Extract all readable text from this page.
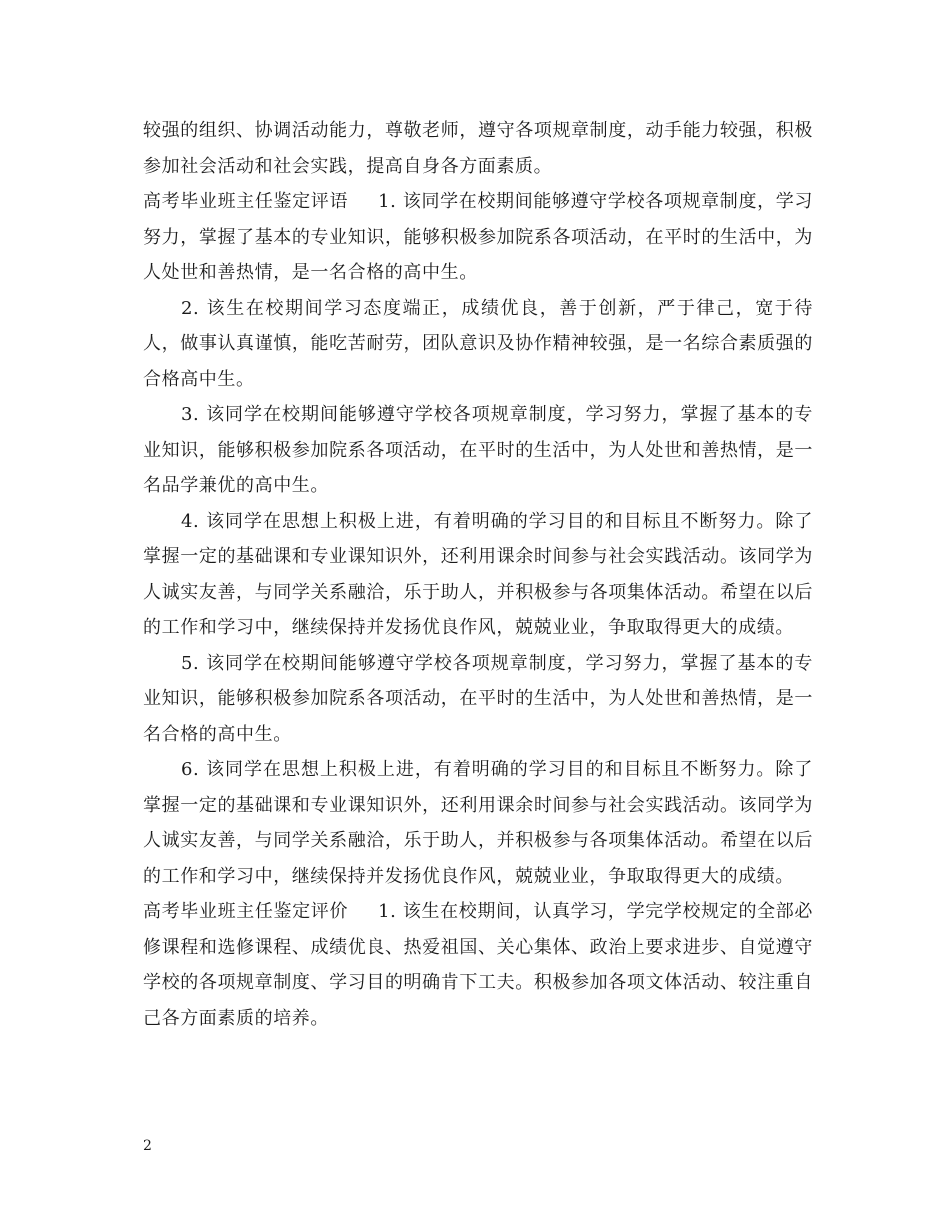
较强的组织、协调活动能力，尊敬老师，遵守各项规章制度，动手能力较强，积极参加社会活动和社会实践，提高自身各方面素质。

高考毕业班主任鉴定评语 1. 该同学在校期间能够遵守学校各项规章制度，学习努力，掌握了基本的专业知识，能够积极参加院系各项活动，在平时的生活中，为人处世和善热情，是一名合格的高中生。

2. 该生在校期间学习态度端正，成绩优良，善于创新，严于律己，宽于待人，做事认真谨慎，能吃苦耐劳，团队意识及协作精神较强，是一名综合素质强的合格高中生。

3. 该同学在校期间能够遵守学校各项规章制度，学习努力，掌握了基本的专业知识，能够积极参加院系各项活动，在平时的生活中，为人处世和善热情，是一名品学兼优的高中生。

4. 该同学在思想上积极上进，有着明确的学习目的和目标且不断努力。除了掌握一定的基础课和专业课知识外，还利用课余时间参与社会实践活动。该同学为人诚实友善，与同学关系融洽，乐于助人，并积极参与各项集体活动。希望在以后的工作和学习中，继续保持并发扬优良作风，兢兢业业，争取取得更大的成绩。

5. 该同学在校期间能够遵守学校各项规章制度，学习努力，掌握了基本的专业知识，能够积极参加院系各项活动，在平时的生活中，为人处世和善热情，是一名合格的高中生。

6. 该同学在思想上积极上进，有着明确的学习目的和目标且不断努力。除了掌握一定的基础课和专业课知识外，还利用课余时间参与社会实践活动。该同学为人诚实友善，与同学关系融洽，乐于助人，并积极参与各项集体活动。希望在以后的工作和学习中，继续保持并发扬优良作风，兢兢业业，争取取得更大的成绩。

高考毕业班主任鉴定评价 1. 该生在校期间，认真学习，学完学校规定的全部必修课程和选修课程、成绩优良、热爱祖国、关心集体、政治上要求进步、自觉遵守学校的各项规章制度、学习目的明确肯下工夫。积极参加各项文体活动、较注重自己各方面素质的培养。

2
